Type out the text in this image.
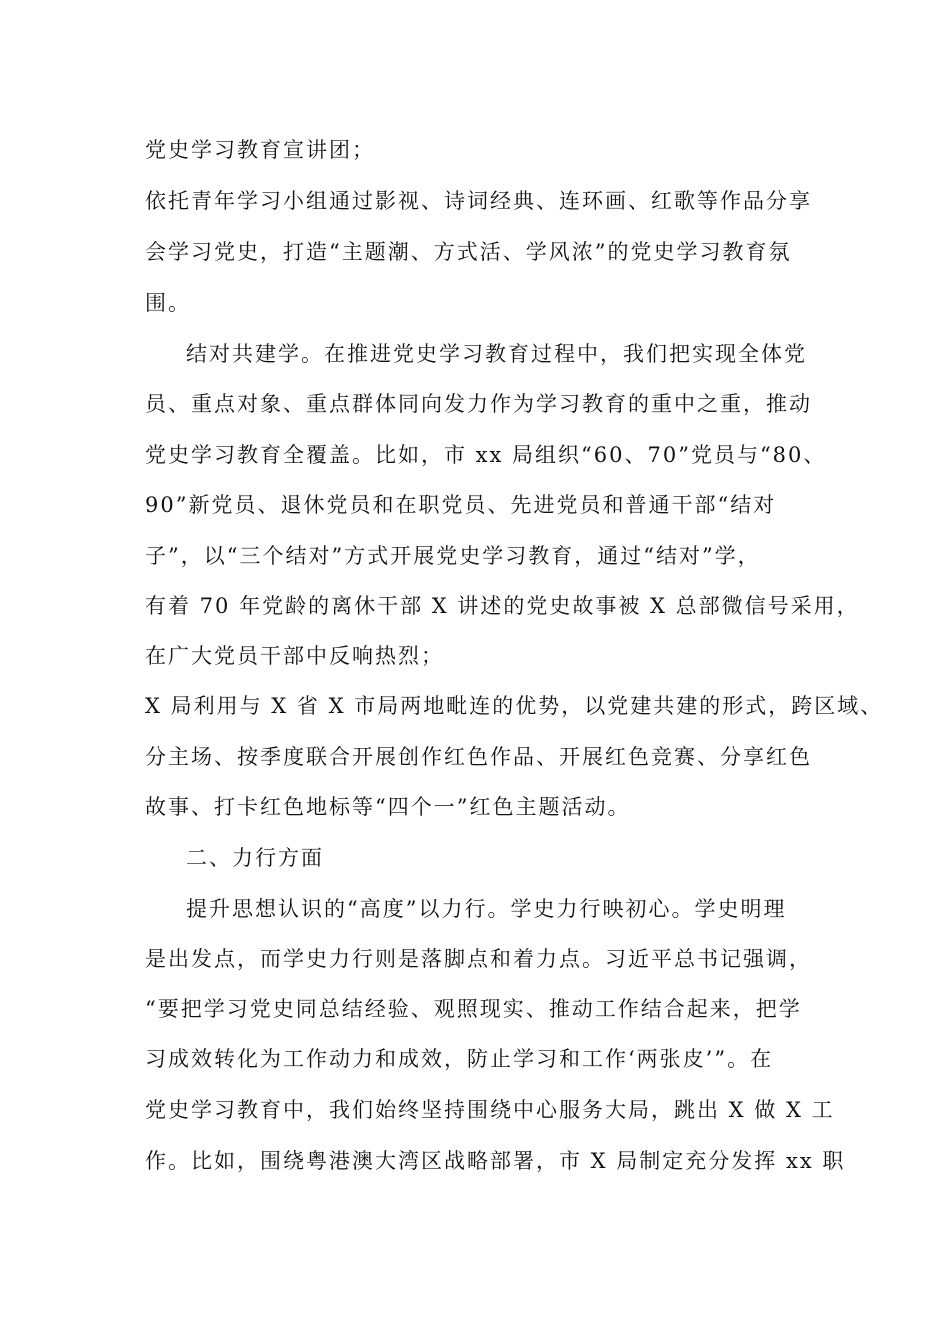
党史学习教育宣讲团；
依托青年学习小组通过影视、诗词经典、连环画、红歌等作品分享
会学习党史，打造“主题潮、方式活、学风浓”的党史学习教育氛
围。
结对共建学。在推进党史学习教育过程中，我们把实现全体党
员、重点对象、重点群体同向发力作为学习教育的重中之重，推动
党史学习教育全覆盖。比如，市 xx 局组织“60、70”党员与“80、
90”新党员、退休党员和在职党员、先进党员和普通干部“结对
子”，以“三个结对”方式开展党史学习教育，通过“结对”学，
有着 70 年党龄的离休干部 X 讲述的党史故事被 X 总部微信号采用，
在广大党员干部中反响热烈；
X 局利用与 X 省 X 市局两地毗连的优势，以党建共建的形式，跨区域、
分主场、按季度联合开展创作红色作品、开展红色竞赛、分享红色
故事、打卡红色地标等“四个一”红色主题活动。
二、力行方面
提升思想认识的“高度”以力行。学史力行映初心。学史明理
是出发点，而学史力行则是落脚点和着力点。习近平总书记强调，
“要把学习党史同总结经验、观照现实、推动工作结合起来，把学
习成效转化为工作动力和成效，防止学习和工作‘两张皮’”。在
党史学习教育中，我们始终坚持围绕中心服务大局，跳出 X 做 X 工
作。比如，围绕粤港澳大湾区战略部署，市 X 局制定充分发挥 xx 职
